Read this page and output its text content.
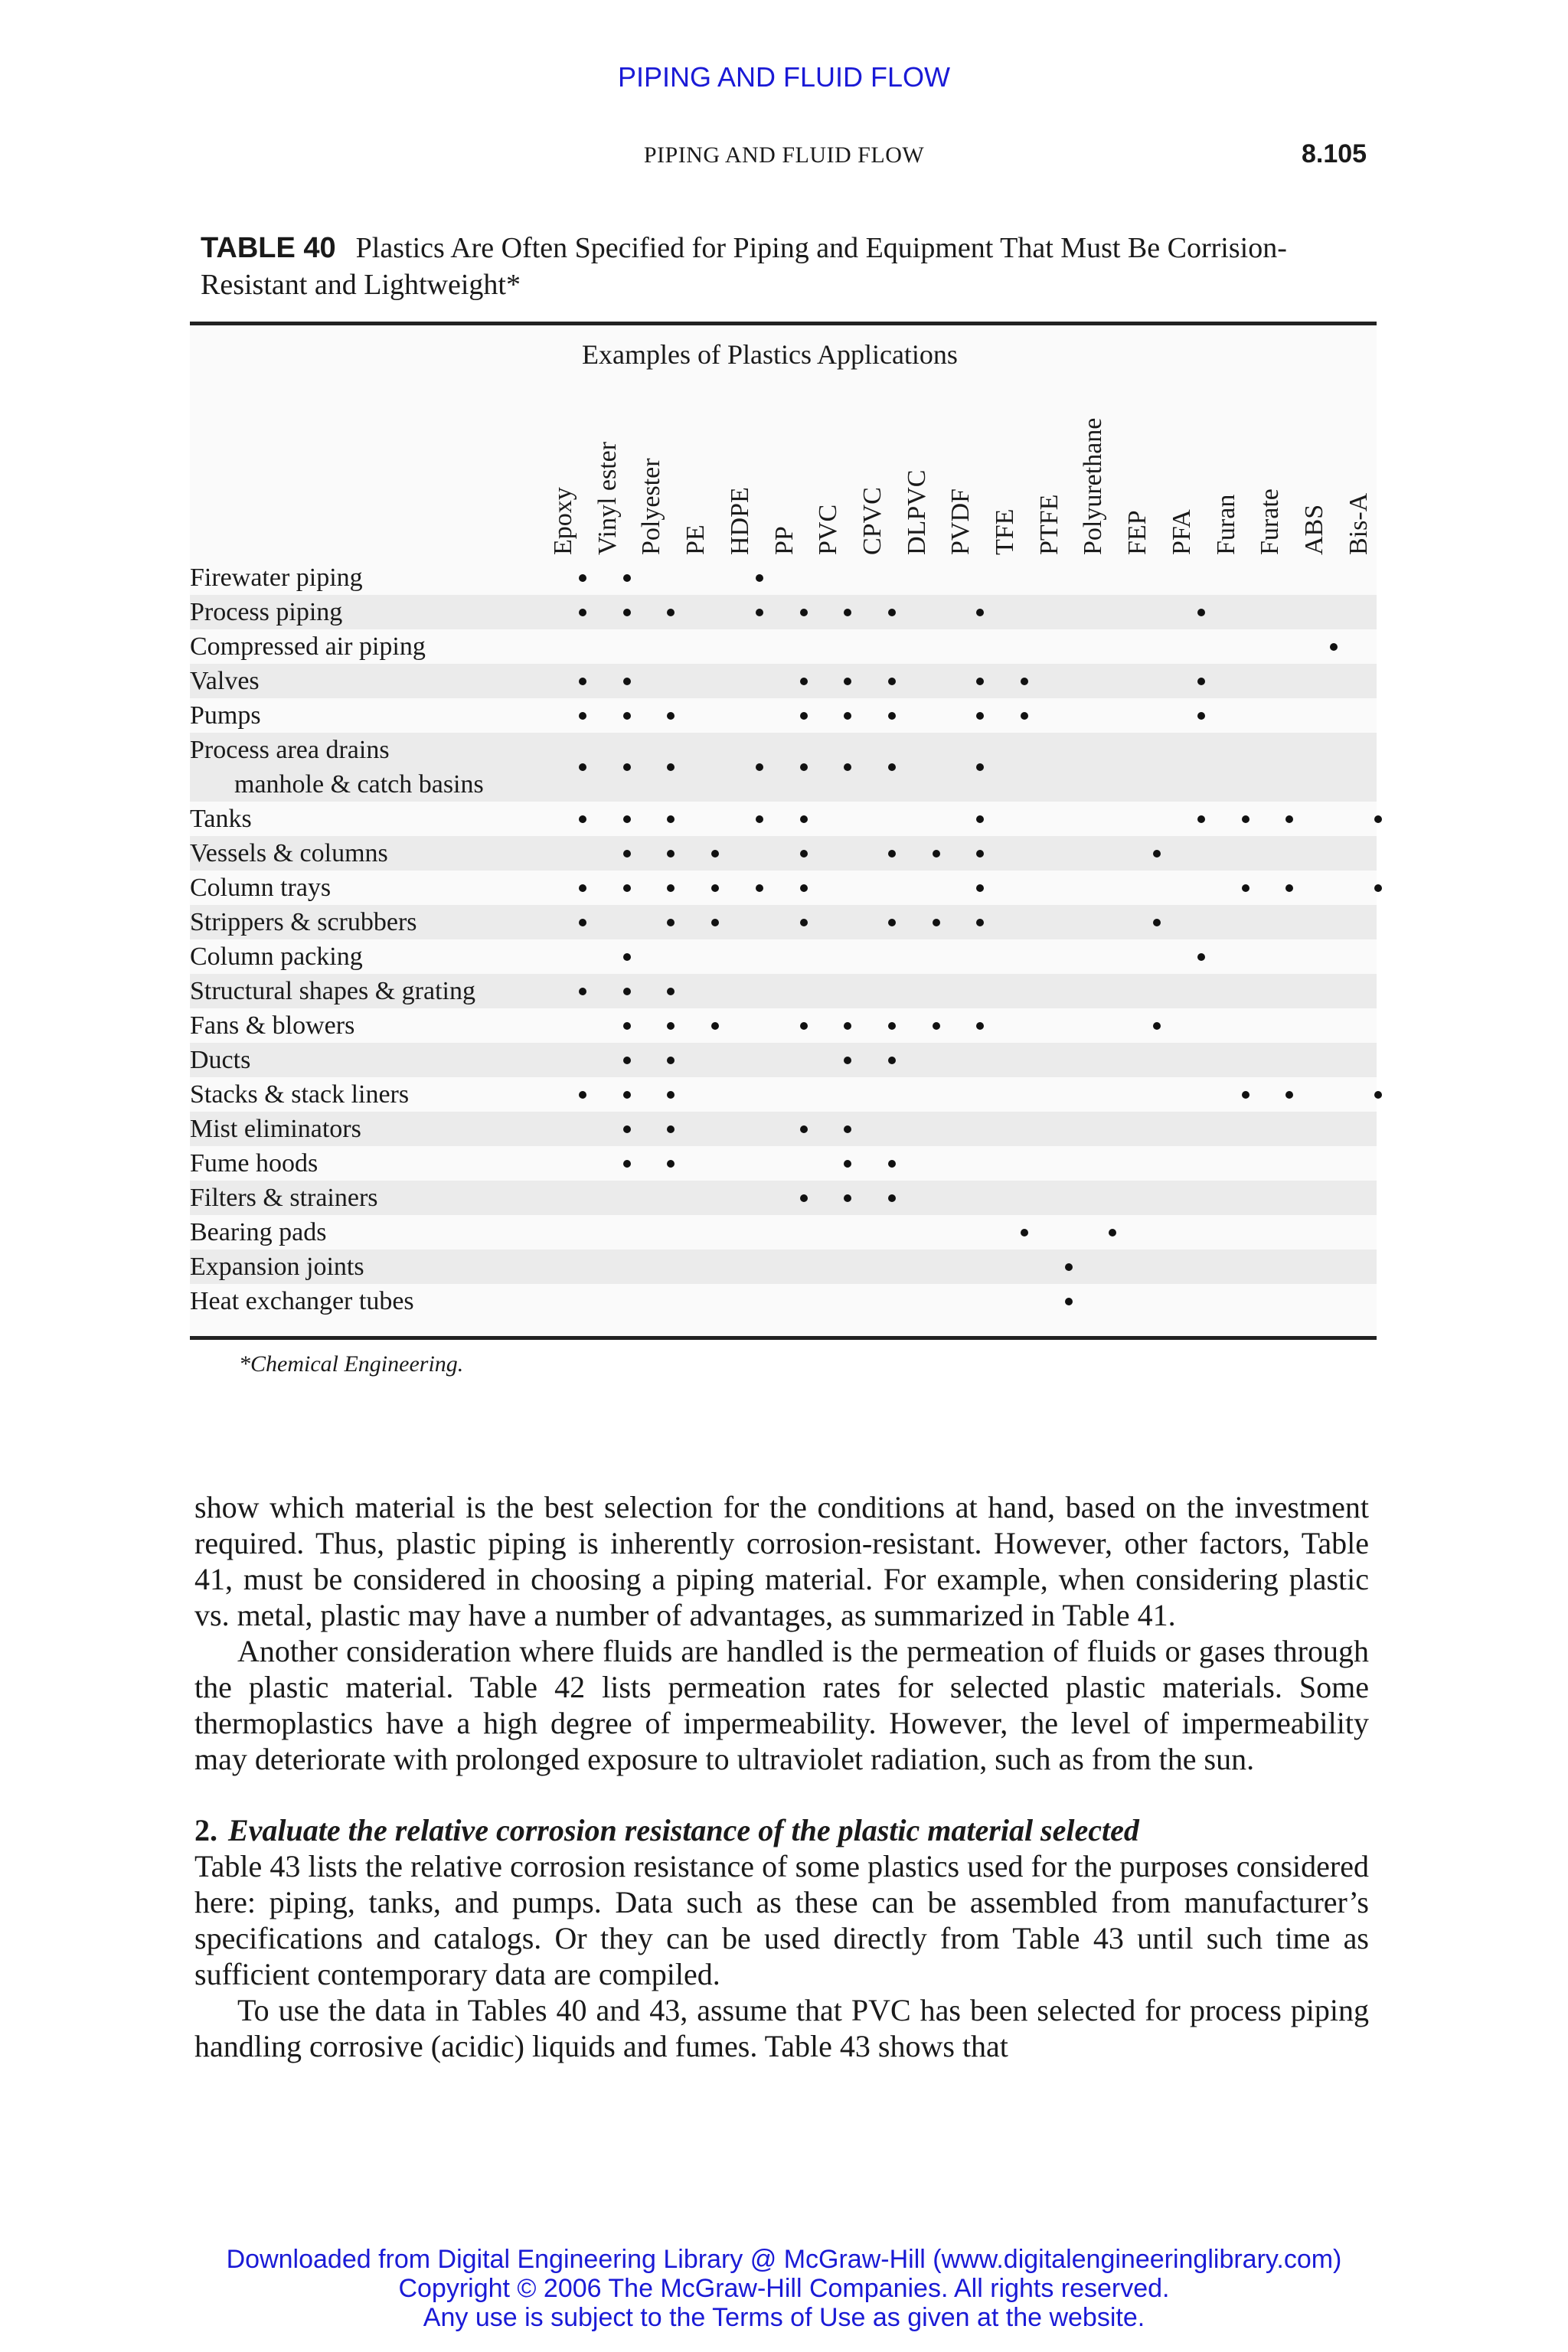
PIPING AND FLUID FLOW
PIPING AND FLUID FLOW	8.105
TABLE 40 Plastics Are Often Specified for Piping and Equipment That Must Be Corrision-Resistant and Lightweight*
Examples of Plastics Applications
Epoxy Vinyl ester Polyester PE HDPE PP PVC CPVC DLPVC PVDF TFE PTFE Polyurethane FEP PFA Furan Furate ABS Bis-A
Firewater piping
Process piping
Compressed air piping
Valves
Pumps
Process area drains
manhole & catch basins
Tanks
Vessels & columns
Column trays
Strippers & scrubbers
Column packing
Structural shapes & grating
Fans & blowers
Ducts
Stacks & stack liners
Mist eliminators
Fume hoods
Filters & strainers
Bearing pads
Expansion joints
Heat exchanger tubes
*Chemical Engineering.

show which material is the best selection for the conditions at hand, based on the investment required. Thus, plastic piping is inherently corrosion-resistant. However, other factors, Table 41, must be considered in choosing a piping material. For example, when considering plastic vs. metal, plastic may have a number of advantages, as summarized in Table 41.

Another consideration where fluids are handled is the permeation of fluids or gases through the plastic material. Table 42 lists permeation rates for selected plastic materials. Some thermoplastics have a high degree of impermeability. However, the level of impermeability may deteriorate with prolonged exposure to ultraviolet radiation, such as from the sun.

2. Evaluate the relative corrosion resistance of the plastic material selected

Table 43 lists the relative corrosion resistance of some plastics used for the purposes considered here: piping, tanks, and pumps. Data such as these can be assembled from manufacturer’s specifications and catalogs. Or they can be used directly from Table 43 until such time as sufficient contemporary data are compiled.

To use the data in Tables 40 and 43, assume that PVC has been selected for process piping handling corrosive (acidic) liquids and fumes. Table 43 shows that

Downloaded from Digital Engineering Library @ McGraw-Hill (www.digitalengineeringlibrary.com)
Copyright © 2006 The McGraw-Hill Companies. All rights reserved.
Any use is subject to the Terms of Use as given at the website.
